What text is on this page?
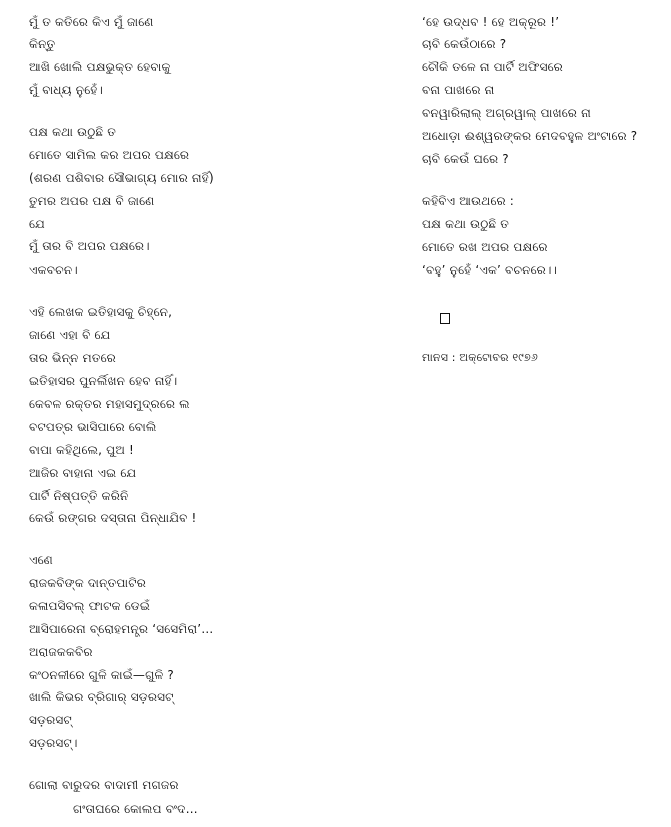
ମୁଁ ତ କତିରେ କିଏ ମୁଁ ଜାଣେ
କିନ୍ତୁ
ଆଖି ଖୋଲି ପକ୍ଷଭୁକ୍ତ ହେବାକୁ
ମୁଁ ବାଧ୍ୟ ନୁହେଁ।
ପକ୍ଷ କଥା ଉଠୁଛି ତ
ମୋତେ ସାମିଲ କର ଅପର ପକ୍ଷରେ
(ଶରଣ ପଶିବାର ସୌଭାଗ୍ୟ ମୋର ନାହିଁ)
ତୁମର ଅପର ପକ୍ଷ ବି ଜାଣେ
ଯେ
ମୁଁ ତାର ବି ଅପର ପକ୍ଷରେ।
ଏକବଚନ।
ଏହି ଲେଖକ ଇତିହାସକୁ ଚିହ୍ନେ,
ଜାଣେ ଏହା ବି ଯେ
ତାର ଭିନ୍ନ ମତରେ
ଇତିହାସର ପୁନର୍ଲିଖନ ହେବ ନାହିଁ।
କେବଳ ରକ୍ତର ମହାସମୁଦ୍ରରେ ଲ
ବଟପତ୍ର ଭାସିପାରେ ବୋଲି
ବାପା କହିଥିଲେ, ପୁଅ !
ଆଜିର ବାହାନା ଏଇ ଯେ
ପାର୍ଟି ନିଷ୍ପତ୍ତି କରିନି
କେଉଁ ରଙ୍ଗର ଦସ୍ତାନା ପିନ୍ଧାଯିବ !
ଏଣେ
ରାଜକବିଙ୍କ ଦାନ୍ତପାଟିର
କଳାପସିବଲ୍ ଫାଟକ ଡେଇଁ
ଆସିପାରେନା ବ୍ରୋହମନ୍ତ୍ର ‘ସସେମିରା’…
ଅରାଜକକବିର
କଂଠନଳୀରେ ଗୁଳି କାଇଁ—ଗୁଳି ?
ଖାଲି କିଭର ବ୍ରିଗାର୍ ସଡ଼ରସଟ୍
ସଡ଼ରସଟ୍
ସଡ଼ରସଟ୍।
ଗୋଲା ବାରୁଦର ବାଦାମୀ ମଗଜର
ଗଂତାଘରେ କୋଲପ ବଂଦ…
ମାନସ : ଅକ୍ଟୋବର ୧୯୭୬
‘ହେ ଉଦ୍ଧବ ! ହେ ଅକ୍ରୂର !’
ଚାବି କେଉଁଠାରେ ?
ଚୌକି ତଳେ ନା ପାର୍ଟି ଅଫିସରେ
ବନା ପାଖରେ ନା
ବନୱାରିଲାଲ୍ ଅଗ୍ରୱାଲ୍ ପାଖରେ ନା
ଅଧୋଡ଼ା ଈଶ୍ୱରଙ୍କର ମେଦବହୁଳ ଅଂଟାରେ ?
ଚାବି କେଉଁ ଘରେ ?
କହିବିଏ ଆଉଥରେ :
ପକ୍ଷ କଥା ଉଠୁଛି ତ
ମୋତେ ରଖ ଅପର ପକ୍ଷରେ
‘ବହୁ’ ନୁହେଁ ‘ଏକ’ ବଚନରେ।।
